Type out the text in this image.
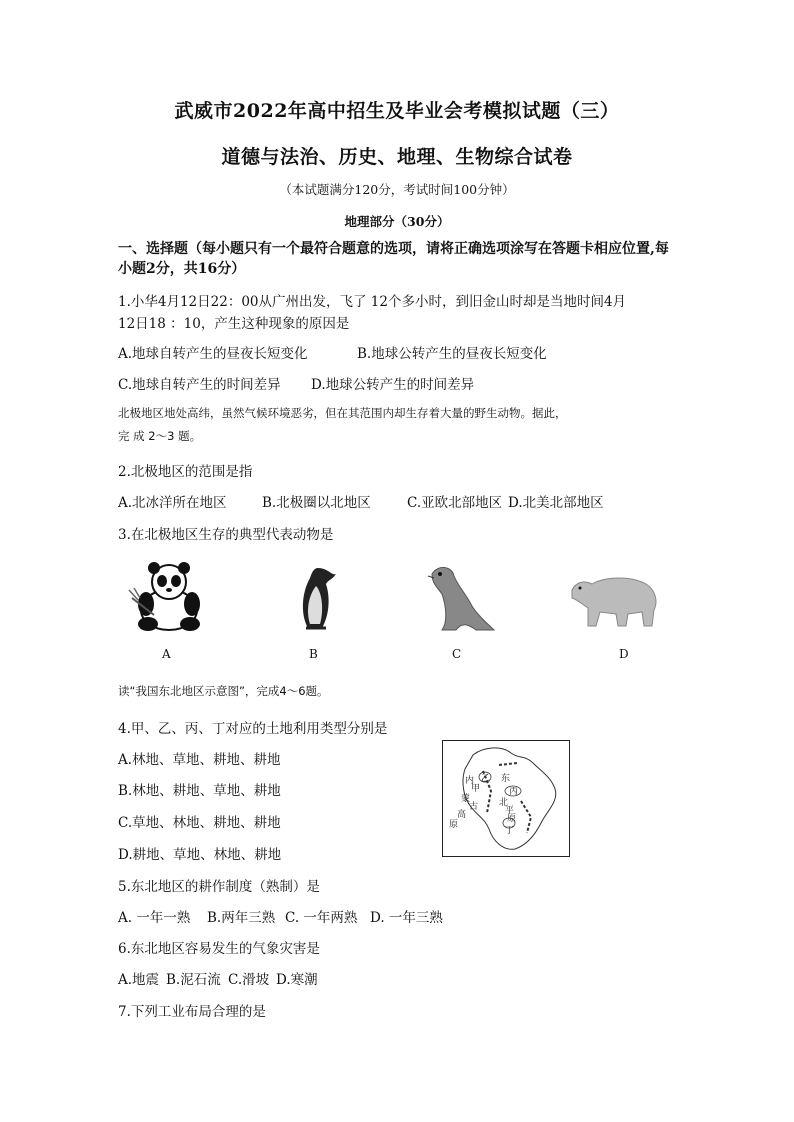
武威市2022年高中招生及毕业会考模拟试题（三）
道德与法治、历史、地理、生物综合试卷
（本试题满分120分，考试时间100分钟）
地理部分（30分）
一、选择题（每小题只有一个最符合题意的选项，请将正确选项涂写在答题卡相应位置,每小题2分，共16分）
1.小华4月12日22：00从广州出发，飞了 12个多小时，到旧金山时却是当地时间4月
12日18 ：10，产生这种现象的原因是
A.地球自转产生的昼夜长短变化	B.地球公转产生的昼夜长短变化
C.地球自转产生的时间差异 D.地球公转产生的时间差异
北极地区地处高纬，虽然气候环境恶劣，但在其范围内却生存着大量的野生动物。据此，
完 成 2～3 题。
2.北极地区的范围是指
A.北冰洋所在地区	B.北极圈以北地区	C.亚欧北部地区 D.北美北部地区
3.在北极地区生存的典型代表动物是
A	B	C	D
读“我国东北地区示意图”，完成4～6题。
4.甲、乙、丙、丁对应的土地利用类型分别是
A.林地、草地、耕地、耕地
B.林地、耕地、草地、耕地
C.草地、林地、耕地、耕地
D.耕地、草地、林地、耕地
内
甲
乙
蒙
古
高
原
东
北
平
原
丙
丁
5.东北地区的耕作制度（熟制）是
A. 一年一熟 B.两年三熟 C. 一年两熟 D. 一年三熟
6.东北地区容易发生的气象灾害是
A.地震 B.泥石流 C.滑坡 D.寒潮
7.下列工业布局合理的是
